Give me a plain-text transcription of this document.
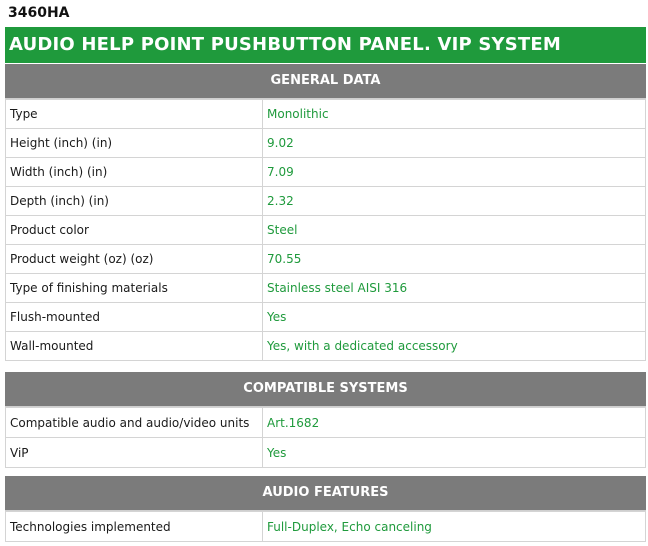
3460HA
AUDIO HELP POINT PUSHBUTTON PANEL. VIP SYSTEM
GENERAL DATA
Type	Monolithic
Height (inch) (in)	9.02
Width (inch) (in)	7.09
Depth (inch) (in)	2.32
Product color	Steel
Product weight (oz) (oz)	70.55
Type of finishing materials	Stainless steel AISI 316
Flush-mounted	Yes
Wall-mounted	Yes, with a dedicated accessory
COMPATIBLE SYSTEMS
Compatible audio and audio/video units	Art.1682
ViP	Yes
AUDIO FEATURES
Technologies implemented	Full-Duplex, Echo canceling
